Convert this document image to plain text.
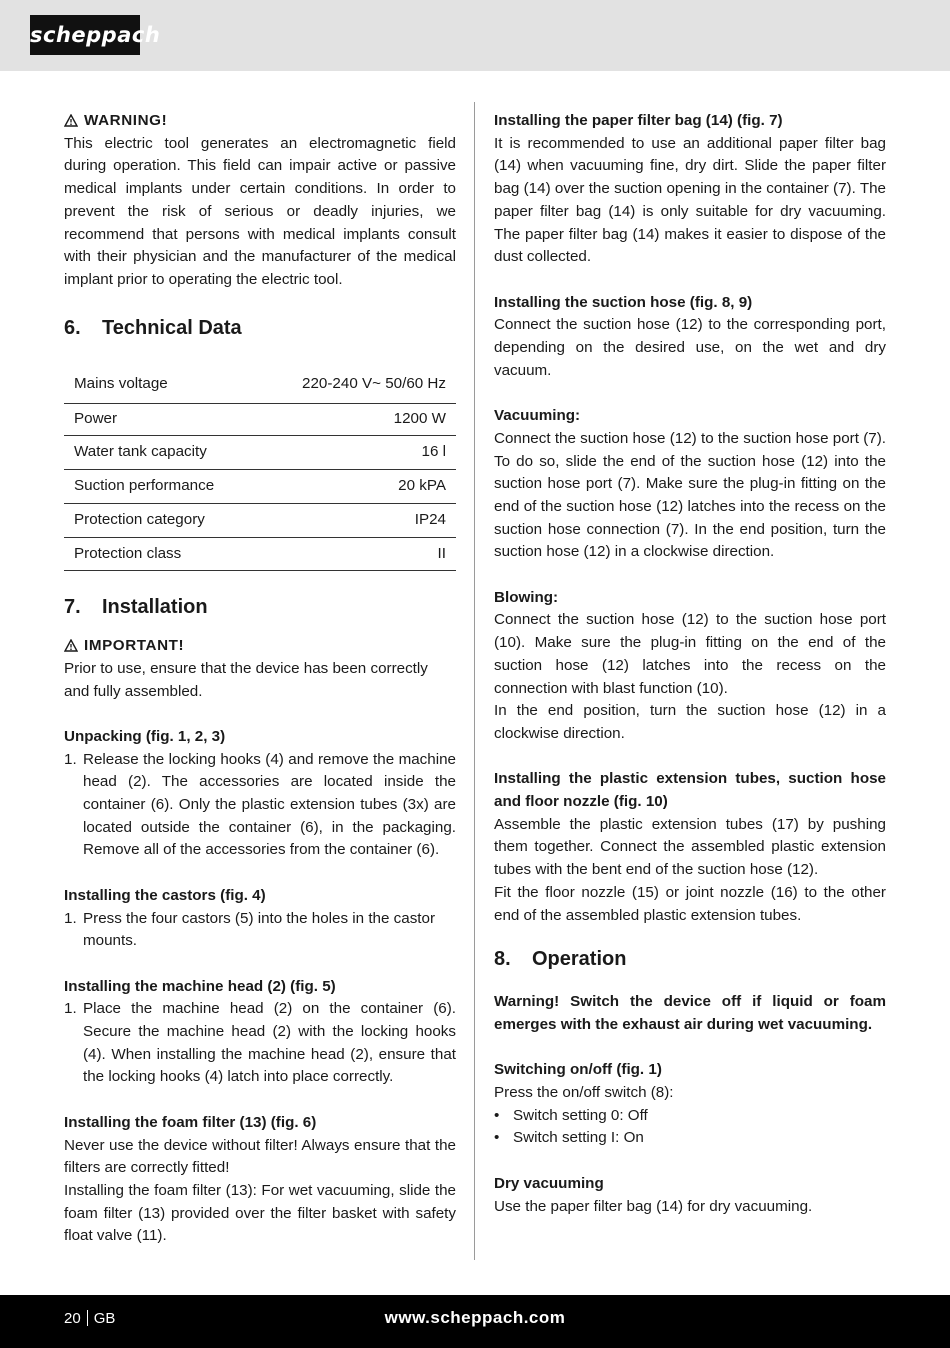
scheppach
WARNING!

This electric tool generates an electromagnetic field during operation. This field can impair active or passive medical implants under certain conditions. In order to prevent the risk of serious or deadly injuries, we recommend that persons with medical implants consult with their physician and the manufacturer of the medical implant prior to operating the electric tool.

6.	Technical Data
Mains voltage	220-240 V~ 50/60 Hz
Power	1200 W
Water tank capacity	16 l
Suction performance	20 kPA
Protection category	IP24
Protection class	II
7.	Installation
IMPORTANT!

Prior to use, ensure that the device has been correctly and fully assembled.

Unpacking (fig. 1, 2, 3)
1. Release the locking hooks (4) and remove the machine head (2). The accessories are located inside the container (6). Only the plastic extension tubes (3x) are located outside the container (6), in the packaging. Remove all of the accessories from the container (6).
Installing the castors (fig. 4)
1. Press the four castors (5) into the holes in the castor mounts.
Installing the machine head (2) (fig. 5)
1. Place the machine head (2) on the container (6). Secure the machine head (2) with the locking hooks (4). When installing the machine head (2), ensure that the locking hooks (4) latch into place correctly.
Installing the foam filter (13) (fig. 6)

Never use the device without filter! Always ensure that the filters are correctly fitted!

Installing the foam filter (13): For wet vacuuming, slide the foam filter (13) provided over the filter basket with safety float valve (11).

Installing the paper filter bag (14) (fig. 7)

It is recommended to use an additional paper filter bag (14) when vacuuming fine, dry dirt. Slide the paper filter bag (14) over the suction opening in the container (7). The paper filter bag (14) is only suitable for dry vacuuming. The paper filter bag (14) makes it easier to dispose of the dust collected.

Installing the suction hose (fig. 8, 9)

Connect the suction hose (12) to the corresponding port, depending on the desired use, on the wet and dry vacuum.

Vacuuming:

Connect the suction hose (12) to the suction hose port (7). To do so, slide the end of the suction hose (12) into the suction hose port (7). Make sure the plug-in fitting on the end of the suction hose (12) latches into the recess on the suction hose connection (7). In the end position, turn the suction hose (12) in a clockwise direction.

Blowing:

Connect the suction hose (12) to the suction hose port (10). Make sure the plug-in fitting on the end of the suction hose (12) latches into the recess on the connection with blast function (10).

In the end position, turn the suction hose (12) in a clockwise direction.

Installing the plastic extension tubes, suction hose and floor nozzle (fig. 10)

Assemble the plastic extension tubes (17) by pushing them together. Connect the assembled plastic extension tubes with the bent end of the suction hose (12).

Fit the floor nozzle (15) or joint nozzle (16) to the other end of the assembled plastic extension tubes.

8.	Operation

Warning! Switch the device off if liquid or foam emerges with the exhaust air during wet vacuuming.

Switching on/off (fig. 1)
Press the on/off switch (8):
• Switch setting 0: Off
• Switch setting I: On
Dry vacuuming
Use the paper filter bag (14) for dry vacuuming.
20 GB	www.scheppach.com
